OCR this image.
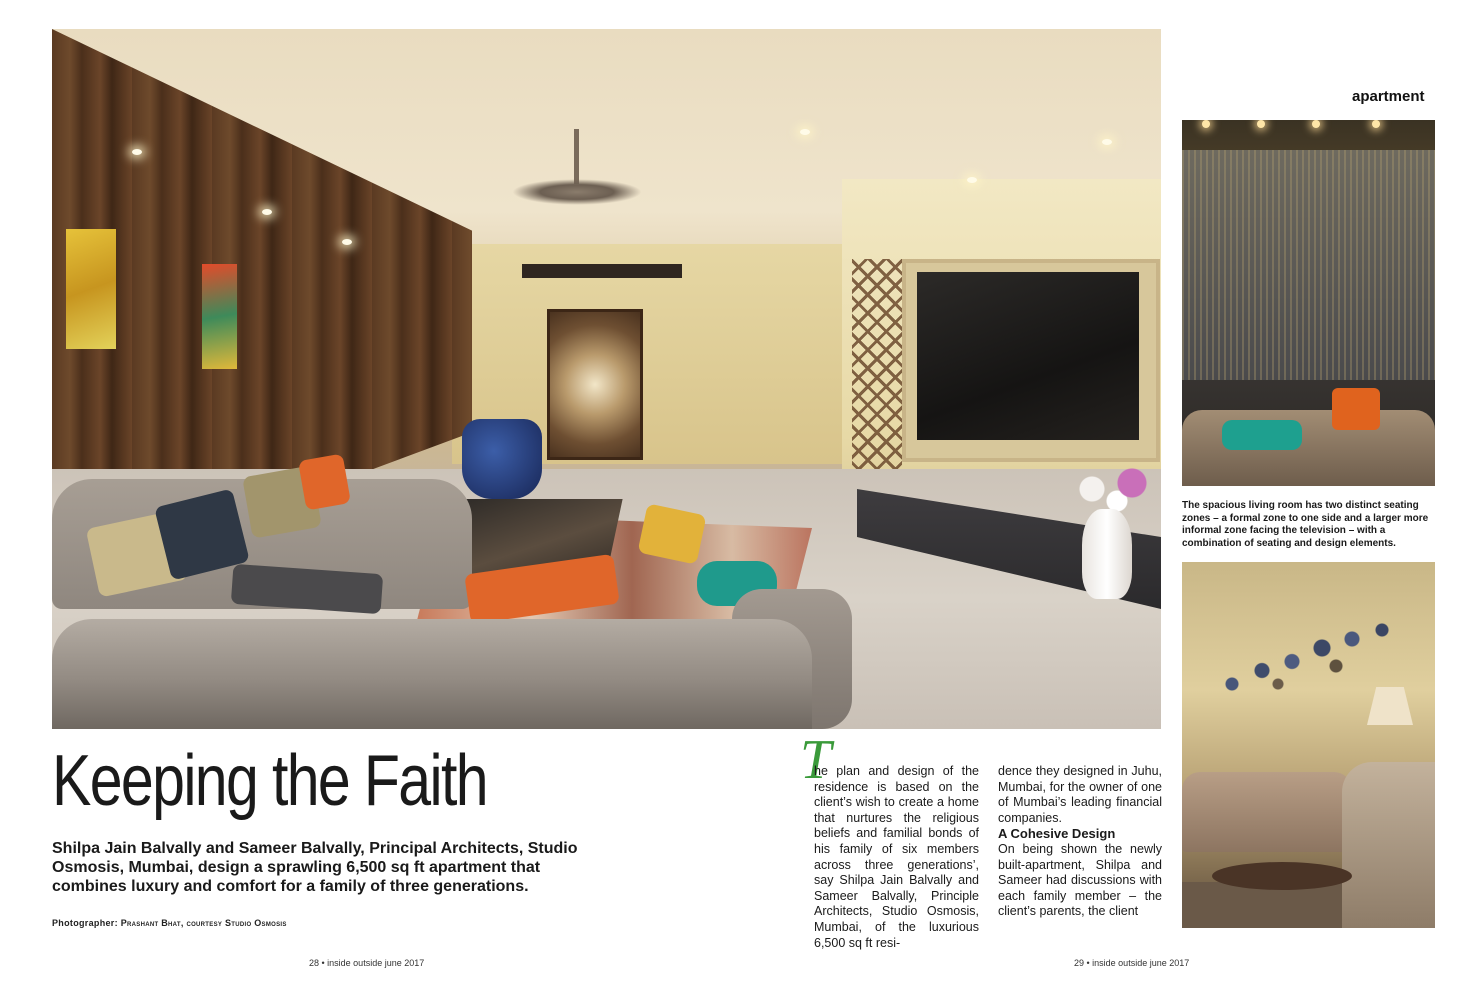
Keeping the Faith

Shilpa Jain Balvally and Sameer Balvally, Principal Architects, Studio Osmosis, Mumbai, design a sprawling 6,500 sq ft apartment that combines luxury and comfort for a family of three generations.

Photographer: Prashant Bhat, courtesy Studio Osmosis
T

he plan and design of the residence is based on the client’s wish to create a home that nurtures the religious beliefs and familial bonds of his family of six members across three generations’, say Shilpa Jain Balvally and Sameer Balvally, Principle Architects, Studio Osmosis, Mumbai, of the luxurious 6,500 sq ft resi-

dence they designed in Juhu, Mumbai, for the owner of one of Mumbai’s leading financial companies.

A Cohesive Design

On being shown the newly built-apartment, Shilpa and Sameer had discussions with each family member – the client’s parents, the client

apartment

The spacious living room has two distinct seating zones – a formal zone to one side and a larger more informal zone facing the television – with a combination of seating and design elements.

28 • inside outside june 2017	29 • inside outside june 2017
